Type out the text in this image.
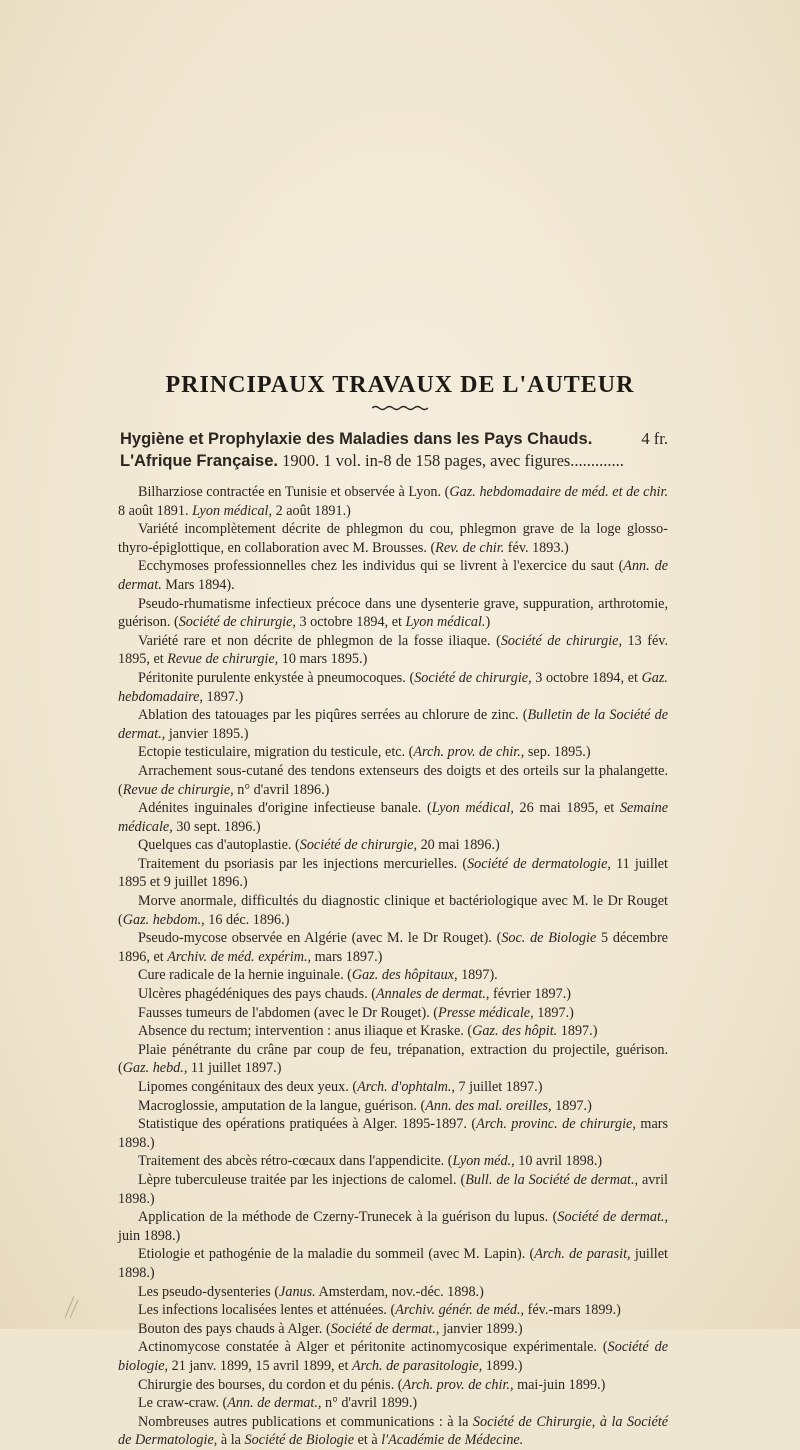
PRINCIPAUX TRAVAUX DE L'AUTEUR
4 fr.
Hygiène et Prophylaxie des Maladies dans les Pays Chauds. L'Afrique Française. 1900. 1 vol. in-8 de 158 pages, avec figures.............

Bilharziose contractée en Tunisie et observée à Lyon. (Gaz. hebdomadaire de méd. et de chir. 8 août 1891. Lyon médical, 2 août 1891.)

Variété incomplètement décrite de phlegmon du cou, phlegmon grave de la loge glosso-thyro-épiglottique, en collaboration avec M. Brousses. (Rev. de chir. fév. 1893.)

Ecchymoses professionnelles chez les individus qui se livrent à l'exercice du saut (Ann. de dermat. Mars 1894).

Pseudo-rhumatisme infectieux précoce dans une dysenterie grave, suppuration, arthrotomie, guérison. (Société de chirurgie, 3 octobre 1894, et Lyon médical.)

Variété rare et non décrite de phlegmon de la fosse iliaque. (Société de chirurgie, 13 fév. 1895, et Revue de chirurgie, 10 mars 1895.)

Péritonite purulente enkystée à pneumocoques. (Société de chirurgie, 3 octobre 1894, et Gaz. hebdomadaire, 1897.)

Ablation des tatouages par les piqûres serrées au chlorure de zinc. (Bulletin de la Société de dermat., janvier 1895.)

Ectopie testiculaire, migration du testicule, etc. (Arch. prov. de chir., sep. 1895.)

Arrachement sous-cutané des tendons extenseurs des doigts et des orteils sur la phalangette. (Revue de chirurgie, n° d'avril 1896.)

Adénites inguinales d'origine infectieuse banale. (Lyon médical, 26 mai 1895, et Semaine médicale, 30 sept. 1896.)

Quelques cas d'autoplastie. (Société de chirurgie, 20 mai 1896.)

Traitement du psoriasis par les injections mercurielles. (Société de dermatologie, 11 juillet 1895 et 9 juillet 1896.)

Morve anormale, difficultés du diagnostic clinique et bactériologique avec M. le Dr Rouget (Gaz. hebdom., 16 déc. 1896.)

Pseudo-mycose observée en Algérie (avec M. le Dr Rouget). (Soc. de Biologie 5 décembre 1896, et Archiv. de méd. expérim., mars 1897.)

Cure radicale de la hernie inguinale. (Gaz. des hôpitaux, 1897).

Ulcères phagédéniques des pays chauds. (Annales de dermat., février 1897.)

Fausses tumeurs de l'abdomen (avec le Dr Rouget). (Presse médicale, 1897.)

Absence du rectum; intervention : anus iliaque et Kraske. (Gaz. des hôpit. 1897.)

Plaie pénétrante du crâne par coup de feu, trépanation, extraction du projectile, guérison. (Gaz. hebd., 11 juillet 1897.)

Lipomes congénitaux des deux yeux. (Arch. d'ophtalm., 7 juillet 1897.)

Macroglossie, amputation de la langue, guérison. (Ann. des mal. oreilles, 1897.)

Statistique des opérations pratiquées à Alger. 1895-1897. (Arch. provinc. de chirurgie, mars 1898.)

Traitement des abcès rétro-cœcaux dans l'appendicite. (Lyon méd., 10 avril 1898.)

Lèpre tuberculeuse traitée par les injections de calomel. (Bull. de la Société de dermat., avril 1898.)

Application de la méthode de Czerny-Trunecek à la guérison du lupus. (Société de dermat., juin 1898.)

Etiologie et pathogénie de la maladie du sommeil (avec M. Lapin). (Arch. de parasit, juillet 1898.)

Les pseudo-dysenteries (Janus. Amsterdam, nov.-déc. 1898.)

Les infections localisées lentes et atténuées. (Archiv. génér. de méd., fév.-mars 1899.)

Bouton des pays chauds à Alger. (Société de dermat., janvier 1899.)

Actinomycose constatée à Alger et péritonite actinomycosique expérimentale. (Société de biologie, 21 janv. 1899, 15 avril 1899, et Arch. de parasitologie, 1899.)

Chirurgie des bourses, du cordon et du pénis. (Arch. prov. de chir., mai-juin 1899.)

Le craw-craw. (Ann. de dermat., n° d'avril 1899.)

Nombreuses autres publications et communications : à la Société de Chirurgie, à la Société de Dermatologie, à la Société de Biologie et à l'Académie de Médecine.
